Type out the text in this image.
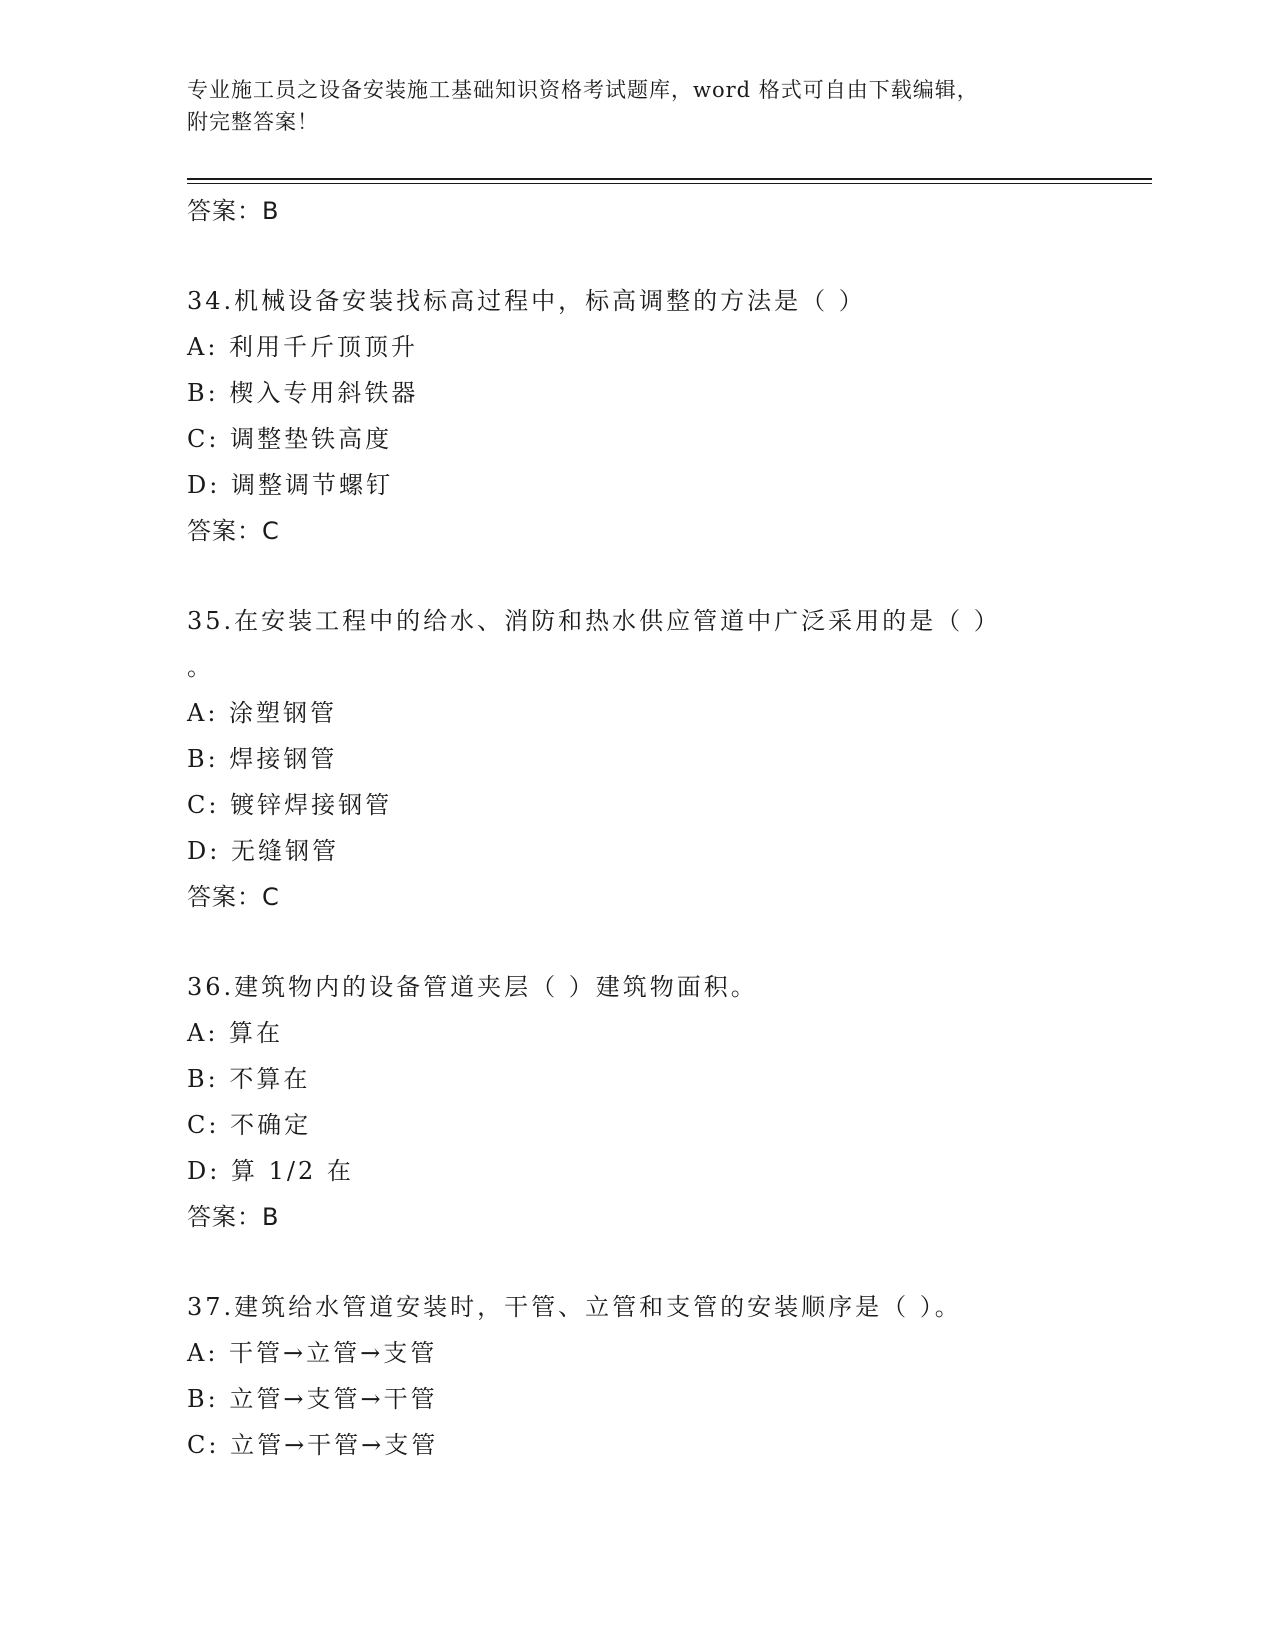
专业施工员之设备安装施工基础知识资格考试题库，word 格式可自由下载编辑，
附完整答案！
答案：B
34.机械设备安装找标高过程中，标高调整的方法是（ ）
A: 利用千斤顶顶升
B: 楔入专用斜铁器
C: 调整垫铁高度
D: 调整调节螺钉
答案：C
35.在安装工程中的给水、消防和热水供应管道中广泛采用的是（ ）
。
A: 涂塑钢管
B: 焊接钢管
C: 镀锌焊接钢管
D: 无缝钢管
答案：C
36.建筑物内的设备管道夹层（ ）建筑物面积。
A: 算在
B: 不算在
C: 不确定
D: 算 1/2 在
答案：B
37.建筑给水管道安装时，干管、立管和支管的安装顺序是（ ）。
A: 干管→立管→支管
B: 立管→支管→干管
C: 立管→干管→支管
